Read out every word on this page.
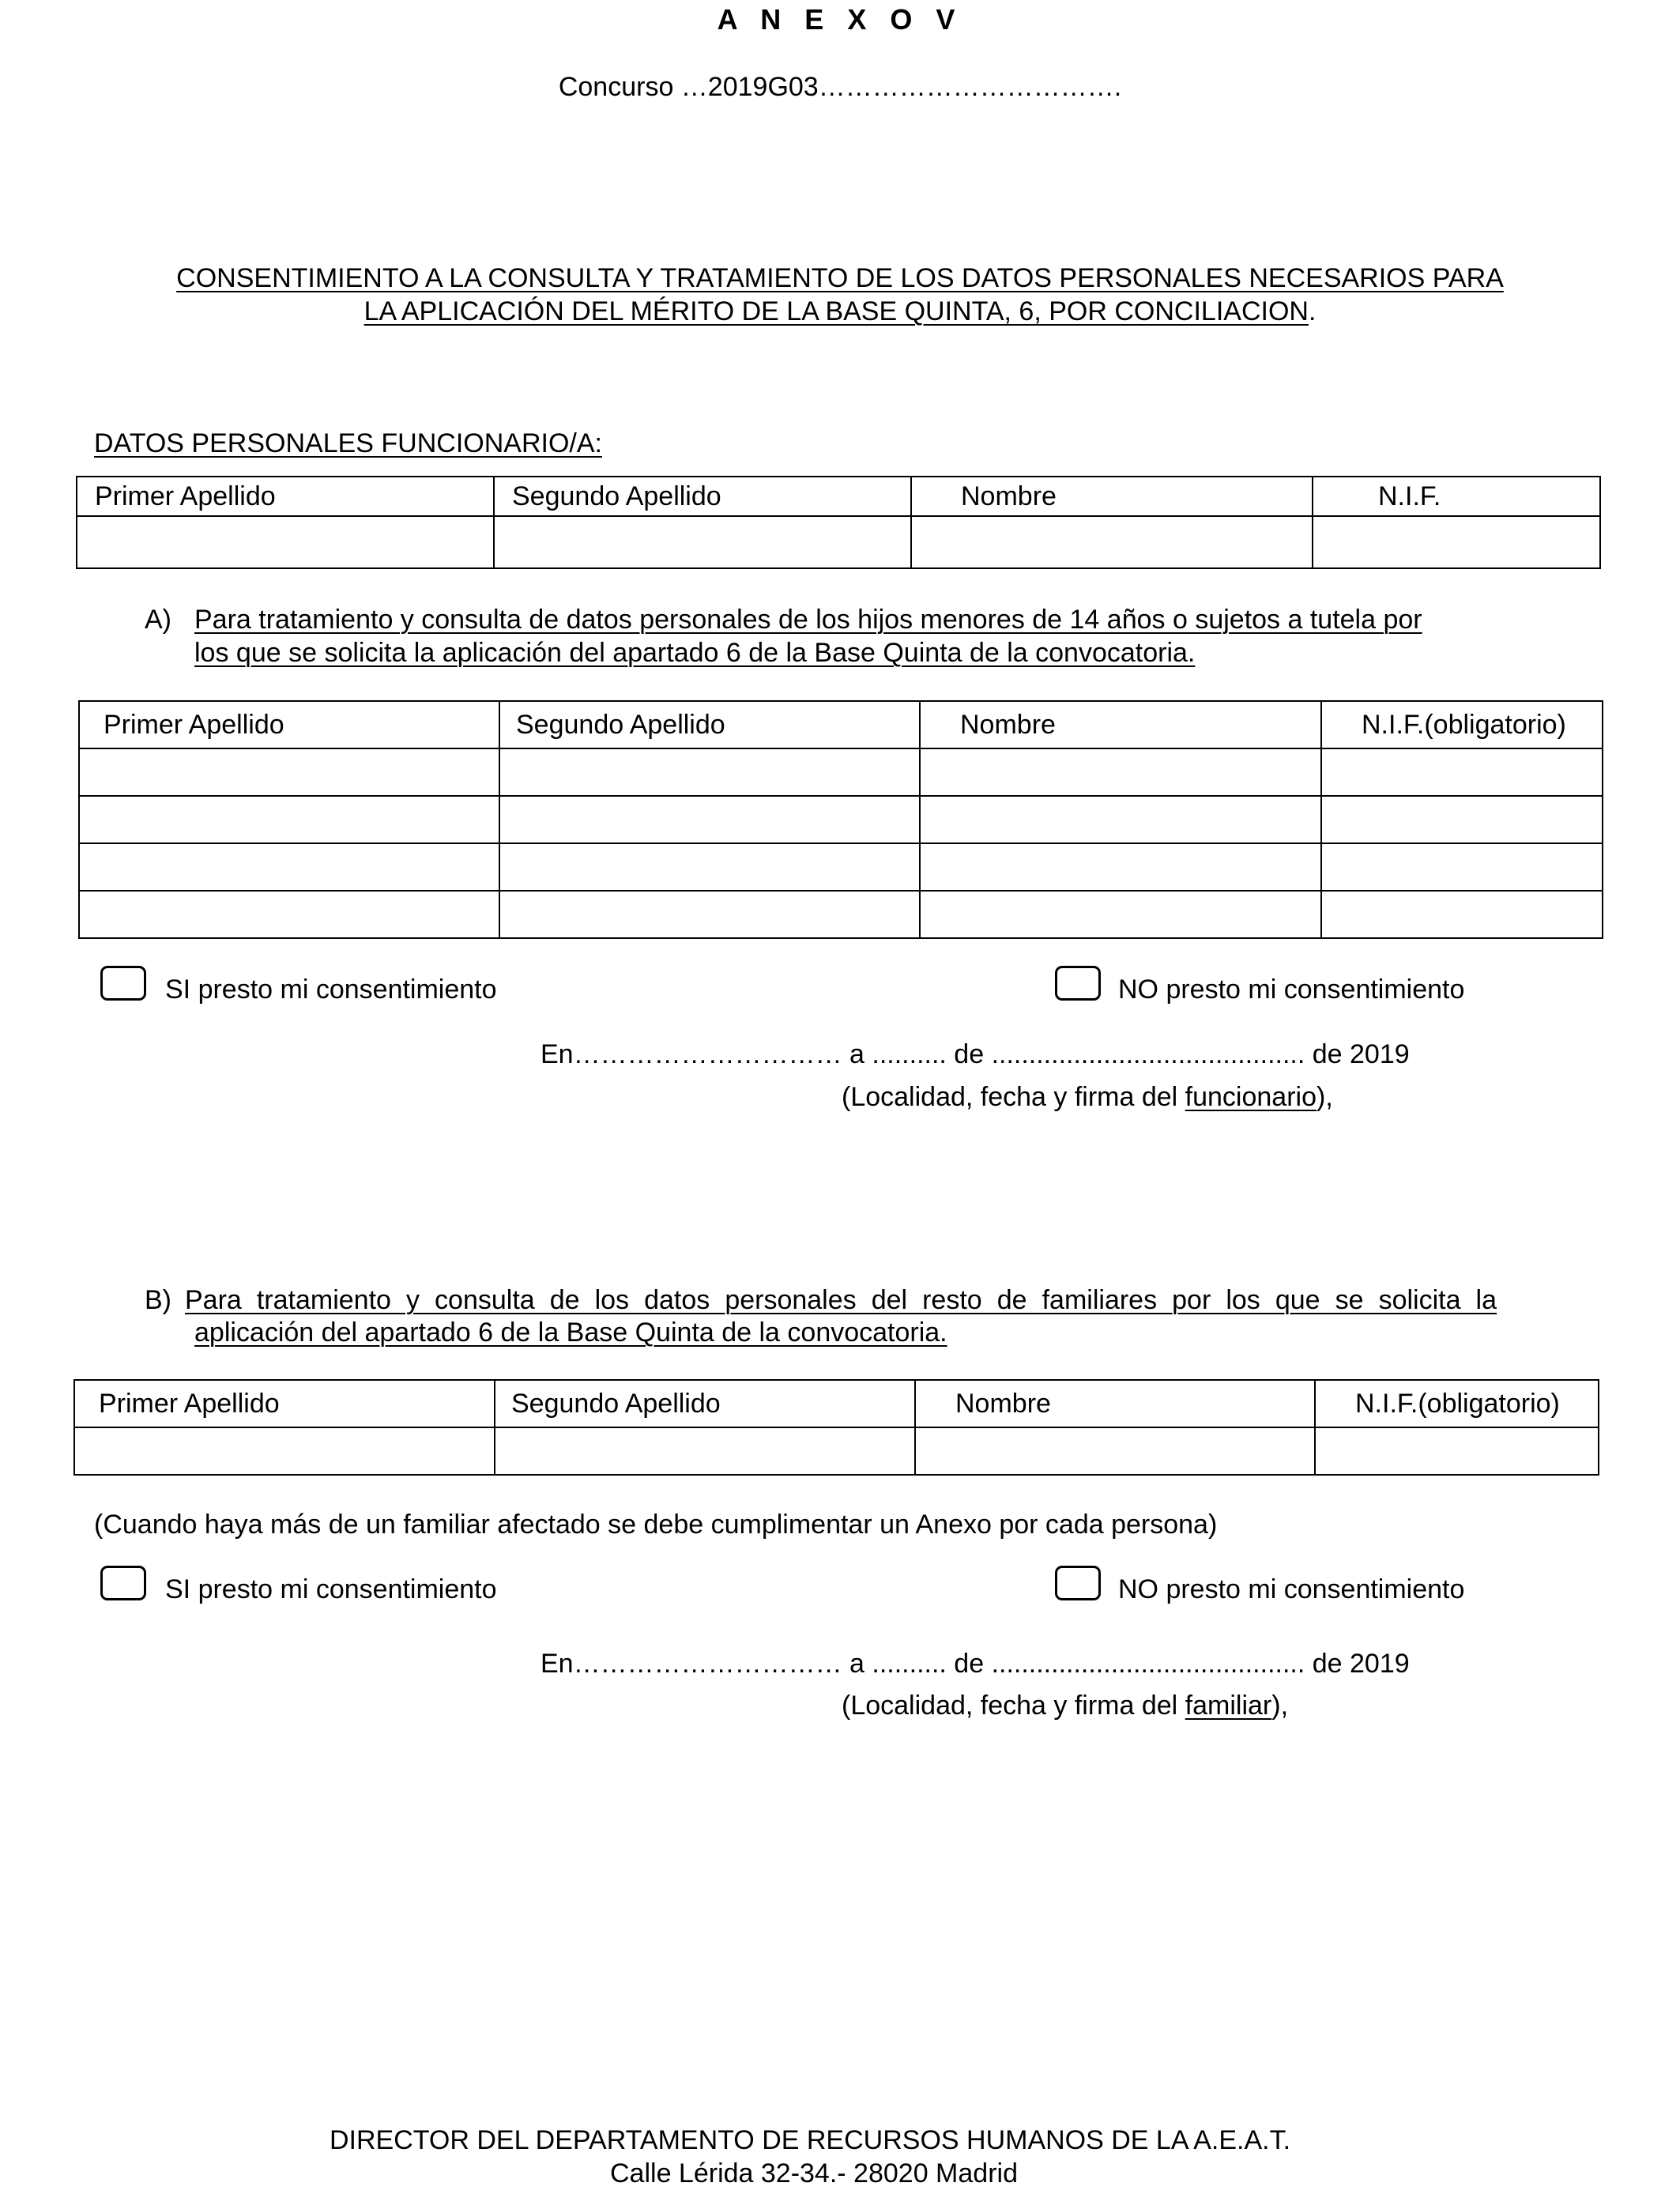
A N E X O V
Concurso …2019G03…………………………….
CONSENTIMIENTO A LA CONSULTA Y TRATAMIENTO DE LOS DATOS PERSONALES NECESARIOS PARA
LA APLICACIÓN DEL MÉRITO DE LA BASE QUINTA, 6, POR CONCILIACION.
DATOS PERSONALES FUNCIONARIO/A:
Primer Apellido	Segundo Apellido	Nombre	N.I.F.

A) Para tratamiento y consulta de datos personales de los hijos menores de 14 años o sujetos a tutela por
los que se solicita la aplicación del apartado 6 de la Base Quinta de la convocatoria.
Primer Apellido	Segundo Apellido	Nombre	N.I.F.(obligatorio)

SI presto mi consentimiento	NO presto mi consentimiento
En………………………… a .......... de .......................................... de 2019
(Localidad, fecha y firma del funcionario),
B) Para tratamiento y consulta de los datos personales del resto de familiares por los que se solicita la
aplicación del apartado 6 de la Base Quinta de la convocatoria.
Primer Apellido	Segundo Apellido	Nombre	N.I.F.(obligatorio)

(Cuando haya más de un familiar afectado se debe cumplimentar un Anexo por cada persona)
SI presto mi consentimiento	NO presto mi consentimiento
En………………………… a .......... de .......................................... de 2019
(Localidad, fecha y firma del familiar),
DIRECTOR DEL DEPARTAMENTO DE RECURSOS HUMANOS DE LA A.E.A.T.
Calle Lérida 32-34.- 28020 Madrid
